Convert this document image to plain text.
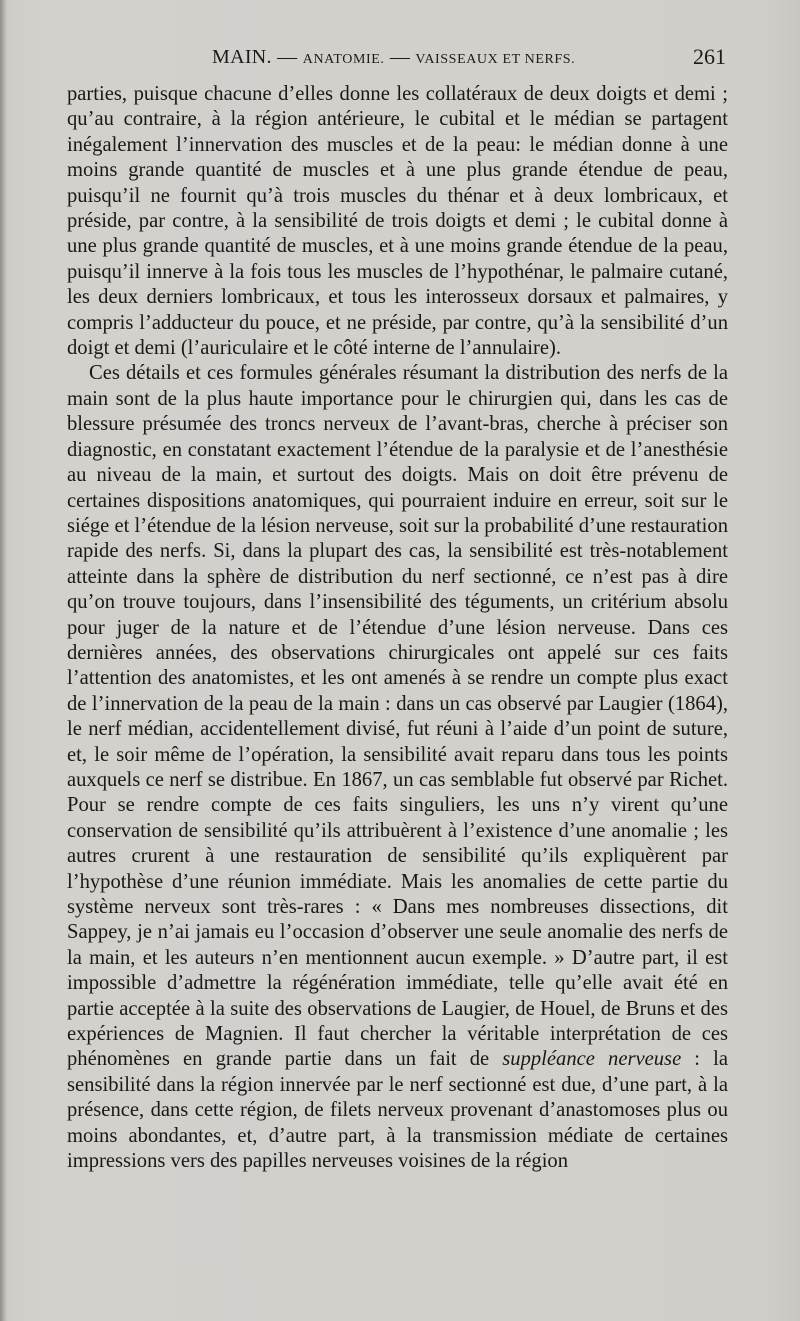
MAIN. — ANATOMIE. — VAISSEAUX ET NERFS.	261

parties, puisque chacune d’elles donne les collatéraux de deux doigts et demi ; qu’au contraire, à la région antérieure, le cubital et le médian se partagent inégalement l’innervation des muscles et de la peau: le médian donne à une moins grande quantité de muscles et à une plus grande étendue de peau, puisqu’il ne fournit qu’à trois muscles du thénar et à deux lombricaux, et préside, par contre, à la sensibilité de trois doigts et demi ; le cubital donne à une plus grande quantité de muscles, et à une moins grande étendue de la peau, puisqu’il innerve à la fois tous les muscles de l’hypothénar, le palmaire cutané, les deux derniers lombricaux, et tous les interosseux dorsaux et palmaires, y compris l’adducteur du pouce, et ne préside, par contre, qu’à la sensibilité d’un doigt et demi (l’auriculaire et le côté interne de l’annulaire).

Ces détails et ces formules générales résumant la distribution des nerfs de la main sont de la plus haute importance pour le chirurgien qui, dans les cas de blessure présumée des troncs nerveux de l’avant-bras, cherche à préciser son diagnostic, en constatant exactement l’étendue de la paralysie et de l’anesthésie au niveau de la main, et surtout des doigts. Mais on doit être prévenu de certaines dispositions anatomiques, qui pourraient induire en erreur, soit sur le siége et l’étendue de la lésion nerveuse, soit sur la probabilité d’une restauration rapide des nerfs. Si, dans la plupart des cas, la sensibilité est très-notablement atteinte dans la sphère de distribution du nerf sectionné, ce n’est pas à dire qu’on trouve toujours, dans l’insensibilité des téguments, un critérium absolu pour juger de la nature et de l’étendue d’une lésion nerveuse. Dans ces dernières années, des observations chirurgicales ont appelé sur ces faits l’attention des anatomistes, et les ont amenés à se rendre un compte plus exact de l’innervation de la peau de la main : dans un cas observé par Laugier (1864), le nerf médian, accidentellement divisé, fut réuni à l’aide d’un point de suture, et, le soir même de l’opération, la sensibilité avait reparu dans tous les points auxquels ce nerf se distribue. En 1867, un cas semblable fut observé par Richet. Pour se rendre compte de ces faits singuliers, les uns n’y virent qu’une conservation de sensibilité qu’ils attribuèrent à l’existence d’une anomalie ; les autres crurent à une restauration de sensibilité qu’ils expliquèrent par l’hypothèse d’une réunion immédiate. Mais les anomalies de cette partie du système nerveux sont très-rares : « Dans mes nombreuses dissections, dit Sappey, je n’ai jamais eu l’occasion d’observer une seule anomalie des nerfs de la main, et les auteurs n’en mentionnent aucun exemple. » D’autre part, il est impossible d’admettre la régénération immédiate, telle qu’elle avait été en partie acceptée à la suite des observations de Laugier, de Houel, de Bruns et des expériences de Magnien. Il faut chercher la véritable interprétation de ces phénomènes en grande partie dans un fait de suppléance nerveuse : la sensibilité dans la région innervée par le nerf sectionné est due, d’une part, à la présence, dans cette région, de filets nerveux provenant d’anastomoses plus ou moins abondantes, et, d’autre part, à la transmission médiate de certaines impressions vers des papilles nerveuses voisines de la région
